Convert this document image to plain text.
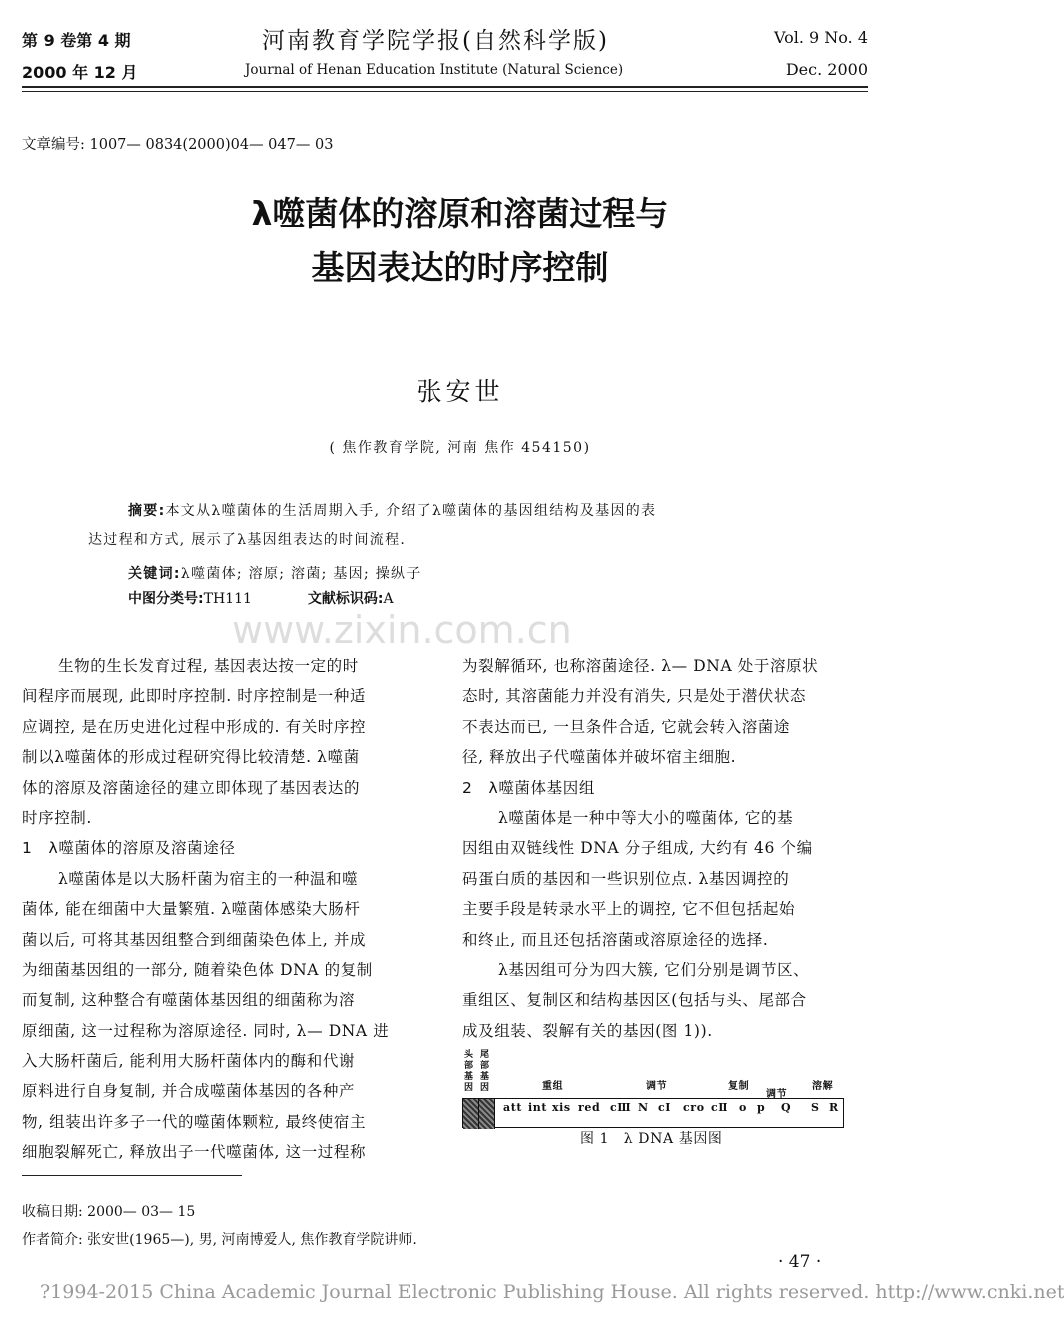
第 9 卷第 4 期	河南教育学院学报(自然科学版)	Vol. 9 No. 4
2000 年 12 月	Journal of Henan Education Institute (Natural Science)	Dec. 2000
文章编号: 1007— 0834(2000)04— 047— 03
λ噬菌体的溶原和溶菌过程与
基因表达的时序控制
张安世
( 焦作教育学院, 河南 焦作 454150)
摘要:本文从λ噬菌体的生活周期入手, 介绍了λ噬菌体的基因组结构及基因的表
达过程和方式, 展示了λ基因组表达的时间流程.
关键词:λ噬菌体; 溶原; 溶菌; 基因; 操纵子
中图分类号:TH111	文献标识码:A
www.zixin.com.cn
生物的生长发育过程, 基因表达按一定的时
间程序而展现, 此即时序控制. 时序控制是一种适
应调控, 是在历史进化过程中形成的. 有关时序控
制以λ噬菌体的形成过程研究得比较清楚. λ噬菌
体的溶原及溶菌途径的建立即体现了基因表达的
时序控制.
1　λ噬菌体的溶原及溶菌途径
λ噬菌体是以大肠杆菌为宿主的一种温和噬
菌体, 能在细菌中大量繁殖. λ噬菌体感染大肠杆
菌以后, 可将其基因组整合到细菌染色体上, 并成
为细菌基因组的一部分, 随着染色体 DNA 的复制
而复制, 这种整合有噬菌体基因组的细菌称为溶
原细菌, 这一过程称为溶原途径. 同时, λ— DNA 进
入大肠杆菌后, 能利用大肠杆菌体内的酶和代谢
原料进行自身复制, 并合成噬菌体基因的各种产
物, 组装出许多子一代的噬菌体颗粒, 最终使宿主
细胞裂解死亡, 释放出子一代噬菌体, 这一过程称
为裂解循环, 也称溶菌途径. λ— DNA 处于溶原状
态时, 其溶菌能力并没有消失, 只是处于潜伏状态
不表达而已, 一旦条件合适, 它就会转入溶菌途
径, 释放出子代噬菌体并破坏宿主细胞.
2　λ噬菌体基因组
λ噬菌体是一种中等大小的噬菌体, 它的基
因组由双链线性 DNA 分子组成, 大约有 46 个编
码蛋白质的基因和一些识别位点. λ基因调控的
主要手段是转录水平上的调控, 它不但包括起始
和终止, 而且还包括溶菌或溶原途径的选择.
λ基因组可分为四大簇, 它们分别是调节区、
重组区、复制区和结构基因区(包括与头、尾部合
成及组装、裂解有关的基因(图 1)).
头部基因
尾部基因	重组	调节	复制
调节
溶解
att int xis red cⅢ N cⅠ cro cⅡ o p Q S R
图 1　λ DNA 基因图
收稿日期: 2000— 03— 15
作者简介: 张安世(1965—), 男, 河南博爱人, 焦作教育学院讲师.
· 47 ·
?1994-2015 China Academic Journal Electronic Publishing House. All rights reserved. http://www.cnki.net
